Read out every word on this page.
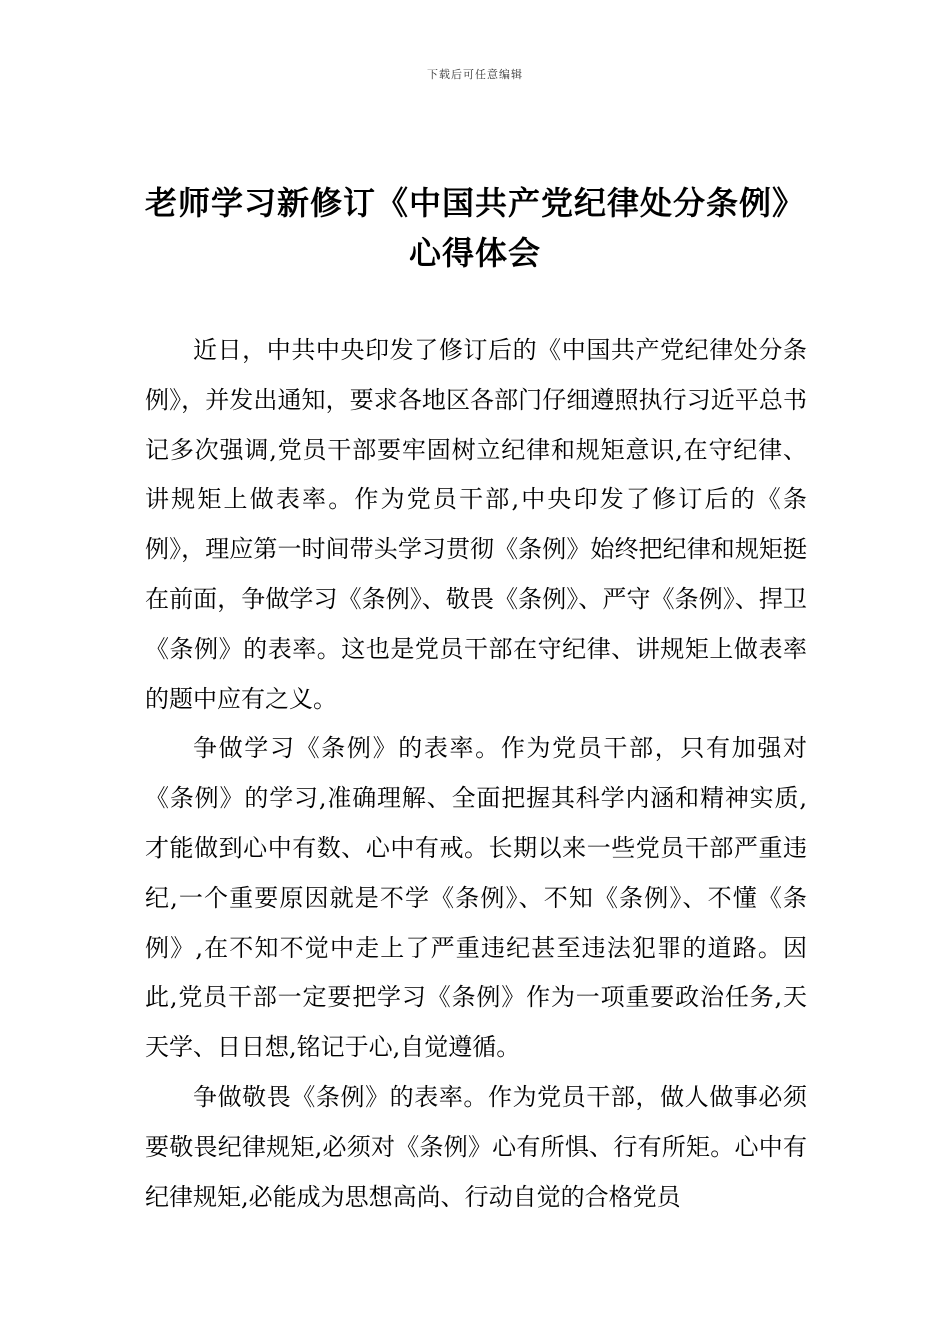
下载后可任意编辑
老师学习新修订《中国共产党纪律处分条例》心得体会

近日，中共中央印发了修订后的《中国共产党纪律处分条例》，并发出通知，要求各地区各部门仔细遵照执行习近平总书记多次强调,党员干部要牢固树立纪律和规矩意识,在守纪律、讲规矩上做表率。作为党员干部,中央印发了修订后的《条例》，理应第一时间带头学习贯彻《条例》始终把纪律和规矩挺在前面，争做学习《条例》、敬畏《条例》、严守《条例》、捍卫《条例》的表率。这也是党员干部在守纪律、讲规矩上做表率的题中应有之义。

争做学习《条例》的表率。作为党员干部，只有加强对《条例》的学习,准确理解、全面把握其科学内涵和精神实质,才能做到心中有数、心中有戒。长期以来一些党员干部严重违纪,一个重要原因就是不学《条例》、不知《条例》、不懂《条例》,在不知不觉中走上了严重违纪甚至违法犯罪的道路。因此,党员干部一定要把学习《条例》作为一项重要政治任务,天天学、日日想,铭记于心,自觉遵循。

争做敬畏《条例》的表率。作为党员干部，做人做事必须要敬畏纪律规矩,必须对《条例》心有所惧、行有所矩。心中有纪律规矩,必能成为思想高尚、行动自觉的合格党员
